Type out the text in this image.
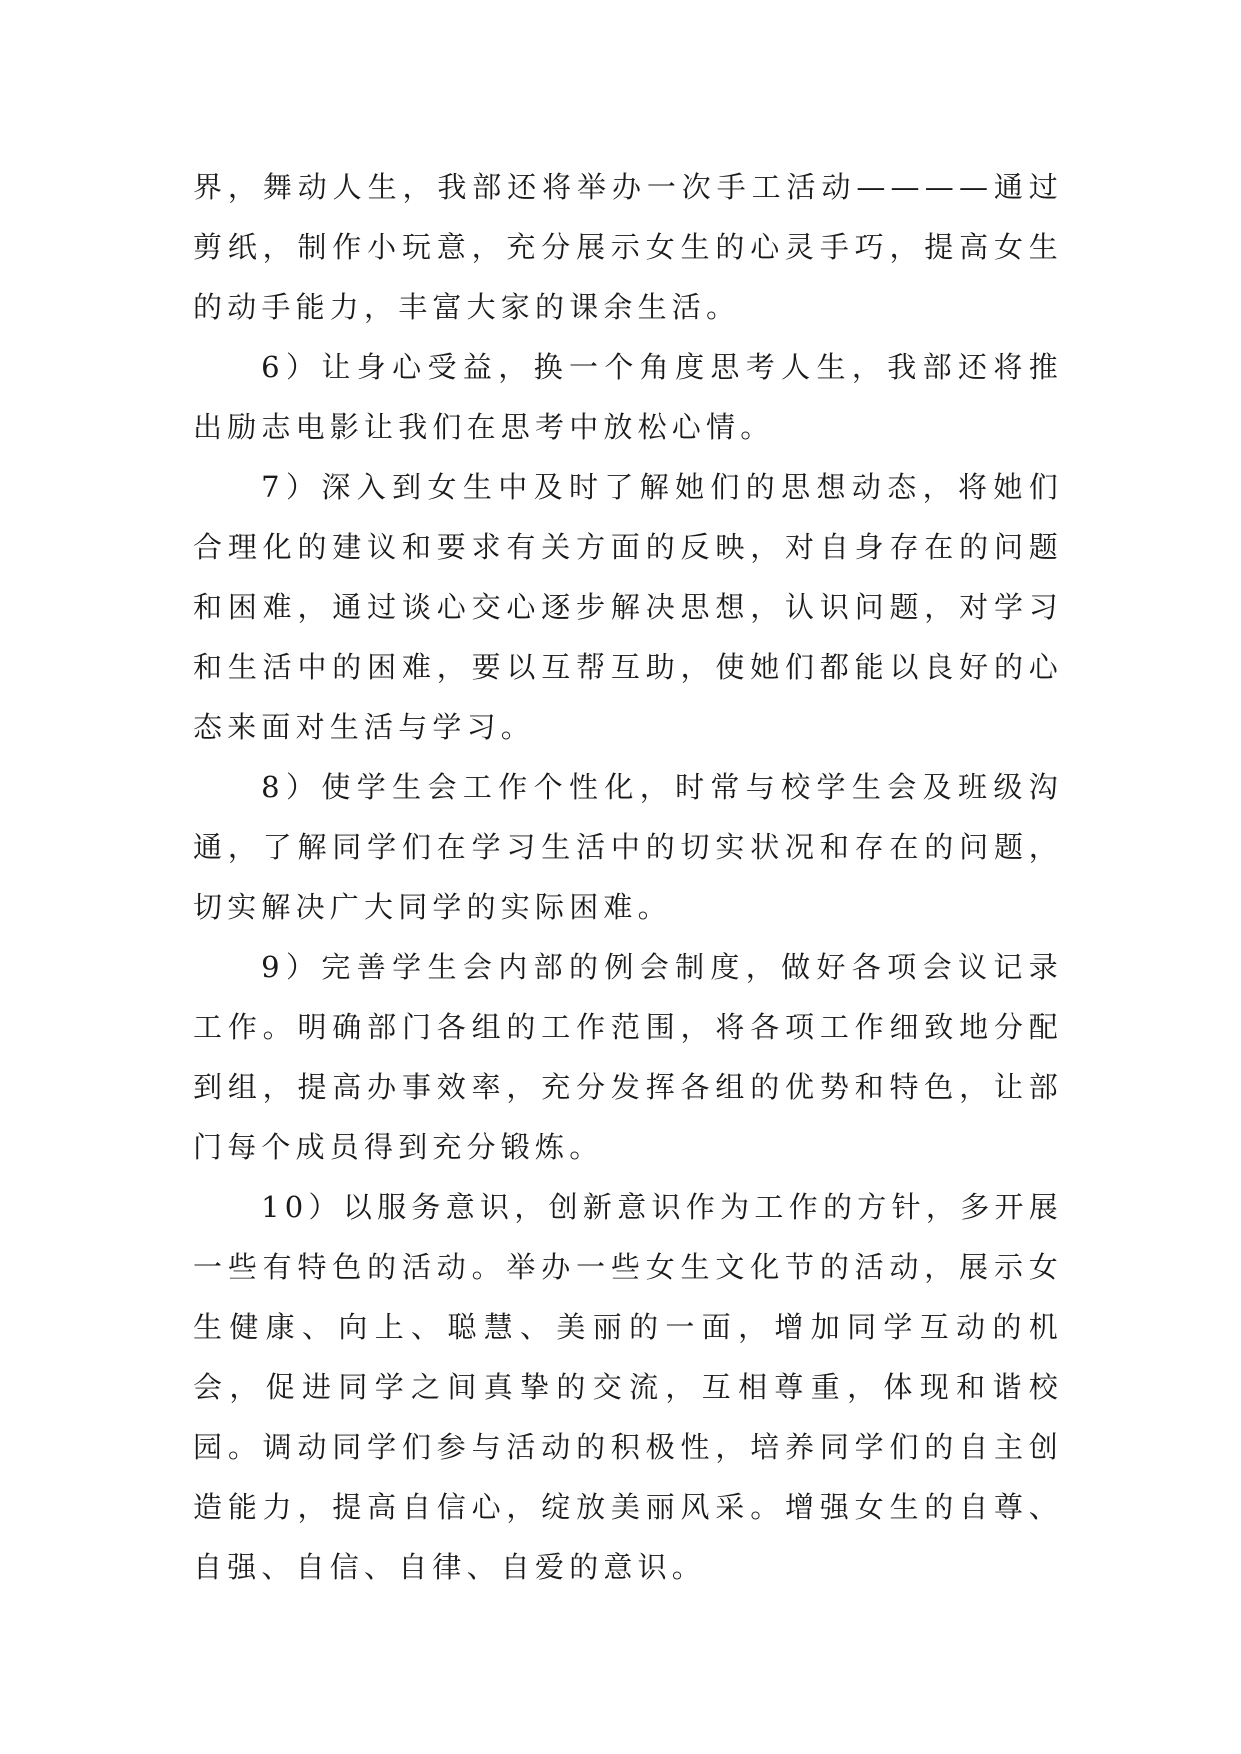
界，舞动人生，我部还将举办一次手工活动————通过剪纸，制作小玩意，充分展示女生的心灵手巧，提高女生的动手能力，丰富大家的课余生活。

6）让身心受益，换一个角度思考人生，我部还将推出励志电影让我们在思考中放松心情。

7）深入到女生中及时了解她们的思想动态，将她们合理化的建议和要求有关方面的反映，对自身存在的问题和困难，通过谈心交心逐步解决思想，认识问题，对学习和生活中的困难，要以互帮互助，使她们都能以良好的心态来面对生活与学习。

8）使学生会工作个性化，时常与校学生会及班级沟通，了解同学们在学习生活中的切实状况和存在的问题，切实解决广大同学的实际困难。

9）完善学生会内部的例会制度，做好各项会议记录工作。明确部门各组的工作范围，将各项工作细致地分配到组，提高办事效率，充分发挥各组的优势和特色，让部门每个成员得到充分锻炼。

10）以服务意识，创新意识作为工作的方针，多开展一些有特色的活动。举办一些女生文化节的活动，展示女生健康、向上、聪慧、美丽的一面，增加同学互动的机会，促进同学之间真挚的交流，互相尊重，体现和谐校园。调动同学们参与活动的积极性，培养同学们的自主创造能力，提高自信心，绽放美丽风采。增强女生的自尊、自强、自信、自律、自爱的意识。
